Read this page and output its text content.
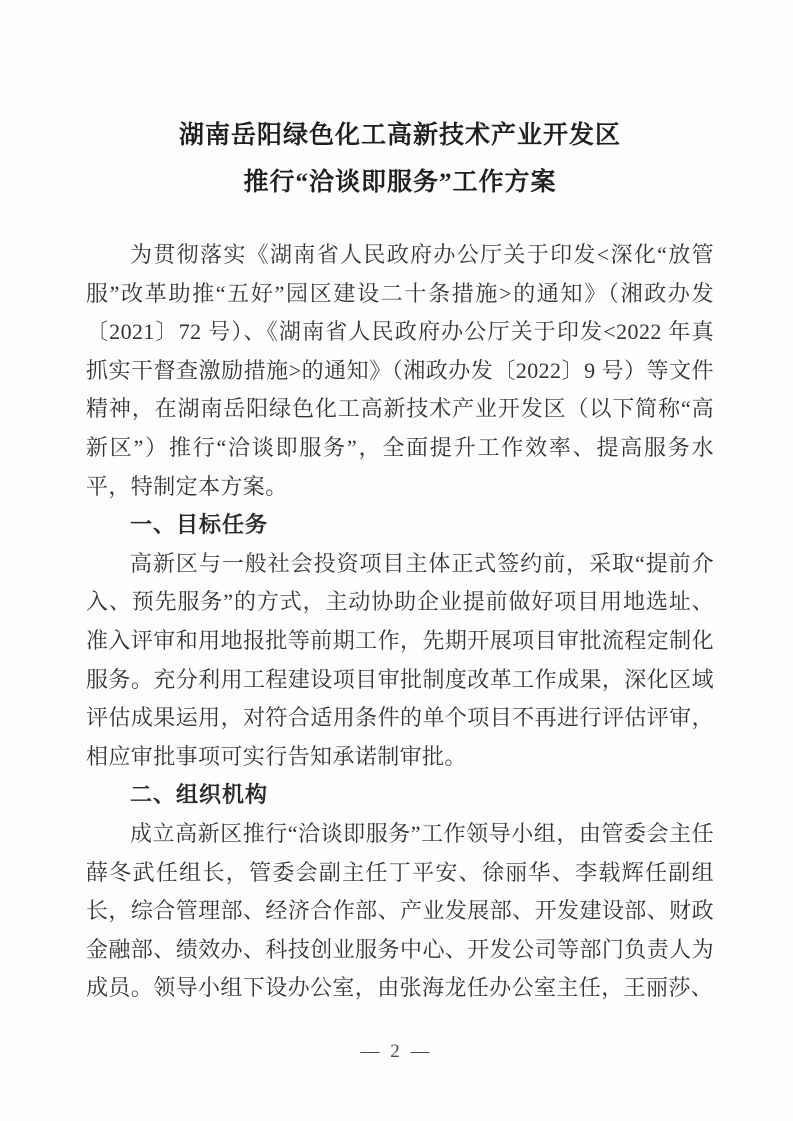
湖南岳阳绿色化工高新技术产业开发区
推行“洽谈即服务”工作方案

为贯彻落实《湖南省人民政府办公厅关于印发<深化“放管服”改革助推“五好”园区建设二十条措施>的通知》（湘政办发〔2021〕72 号）、《湖南省人民政府办公厅关于印发<2022 年真抓实干督查激励措施>的通知》（湘政办发〔2022〕9 号）等文件精神，在湖南岳阳绿色化工高新技术产业开发区（以下简称“高新区”）推行“洽谈即服务”，全面提升工作效率、提高服务水平，特制定本方案。

一、目标任务

高新区与一般社会投资项目主体正式签约前，采取“提前介入、预先服务”的方式，主动协助企业提前做好项目用地选址、准入评审和用地报批等前期工作，先期开展项目审批流程定制化服务。充分利用工程建设项目审批制度改革工作成果，深化区域评估成果运用，对符合适用条件的单个项目不再进行评估评审，相应审批事项可实行告知承诺制审批。

二、组织机构

成立高新区推行“洽谈即服务”工作领导小组，由管委会主任薛冬武任组长，管委会副主任丁平安、徐丽华、李载辉任副组长，综合管理部、经济合作部、产业发展部、开发建设部、财政金融部、绩效办、科技创业服务中心、开发公司等部门负责人为成员。领导小组下设办公室，由张海龙任办公室主任，王丽莎、

— 2 —
